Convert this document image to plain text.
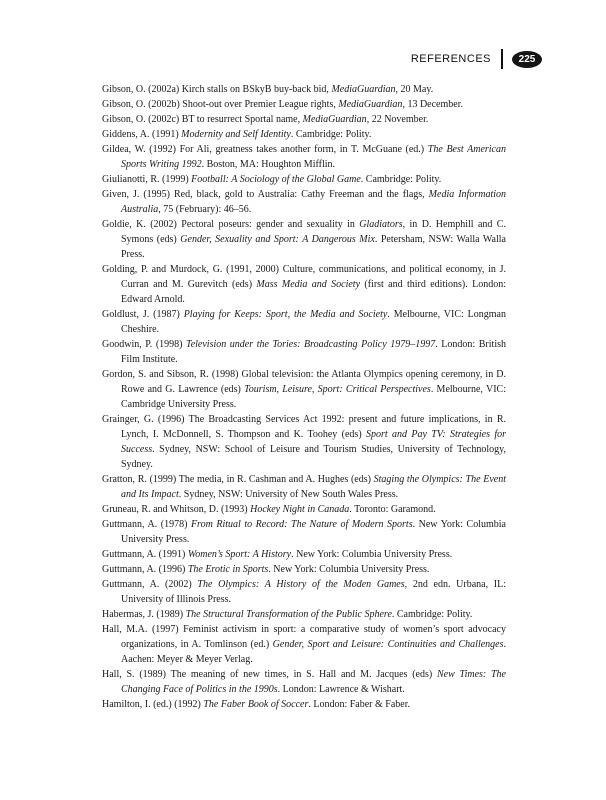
REFERENCES	225

Gibson, O. (2002a) Kirch stalls on BSkyB buy-back bid, MediaGuardian, 20 May.

Gibson, O. (2002b) Shoot-out over Premier League rights, MediaGuardian, 13 December.

Gibson, O. (2002c) BT to resurrect Sportal name, MediaGuardian, 22 November.

Giddens, A. (1991) Modernity and Self Identity. Cambridge: Polity.

Gildea, W. (1992) For Ali, greatness takes another form, in T. McGuane (ed.) The Best American Sports Writing 1992. Boston, MA: Houghton Mifflin.

Giulianotti, R. (1999) Football: A Sociology of the Global Game. Cambridge: Polity.

Given, J. (1995) Red, black, gold to Australia: Cathy Freeman and the flags, Media Information Australia, 75 (February): 46–56.

Goldie, K. (2002) Pectoral poseurs: gender and sexuality in Gladiators, in D. Hemphill and C. Symons (eds) Gender, Sexuality and Sport: A Dangerous Mix. Petersham, NSW: Walla Walla Press.

Golding, P. and Murdock, G. (1991, 2000) Culture, communications, and political economy, in J. Curran and M. Gurevitch (eds) Mass Media and Society (first and third editions). London: Edward Arnold.

Goldlust, J. (1987) Playing for Keeps: Sport, the Media and Society. Melbourne, VIC: Longman Cheshire.

Goodwin, P. (1998) Television under the Tories: Broadcasting Policy 1979–1997. London: British Film Institute.

Gordon, S. and Sibson, R. (1998) Global television: the Atlanta Olympics opening ceremony, in D. Rowe and G. Lawrence (eds) Tourism, Leisure, Sport: Critical Perspectives. Melbourne, VIC: Cambridge University Press.

Grainger, G. (1996) The Broadcasting Services Act 1992: present and future implications, in R. Lynch, I. McDonnell, S. Thompson and K. Toohey (eds) Sport and Pay TV: Strategies for Success. Sydney, NSW: School of Leisure and Tourism Studies, University of Technology, Sydney.

Gratton, R. (1999) The media, in R. Cashman and A. Hughes (eds) Staging the Olympics: The Event and Its Impact. Sydney, NSW: University of New South Wales Press.

Gruneau, R. and Whitson, D. (1993) Hockey Night in Canada. Toronto: Garamond.

Guttmann, A. (1978) From Ritual to Record: The Nature of Modern Sports. New York: Columbia University Press.

Guttmann, A. (1991) Women’s Sport: A History. New York: Columbia University Press.

Guttmann, A. (1996) The Erotic in Sports. New York: Columbia University Press.

Guttmann, A. (2002) The Olympics: A History of the Moden Games, 2nd edn. Urbana, IL: University of Illinois Press.

Habermas, J. (1989) The Structural Transformation of the Public Sphere. Cambridge: Polity.

Hall, M.A. (1997) Feminist activism in sport: a comparative study of women’s sport advocacy organizations, in A. Tomlinson (ed.) Gender, Sport and Leisure: Continuities and Challenges. Aachen: Meyer & Meyer Verlag.

Hall, S. (1989) The meaning of new times, in S. Hall and M. Jacques (eds) New Times: The Changing Face of Politics in the 1990s. London: Lawrence & Wishart.

Hamilton, I. (ed.) (1992) The Faber Book of Soccer. London: Faber & Faber.
